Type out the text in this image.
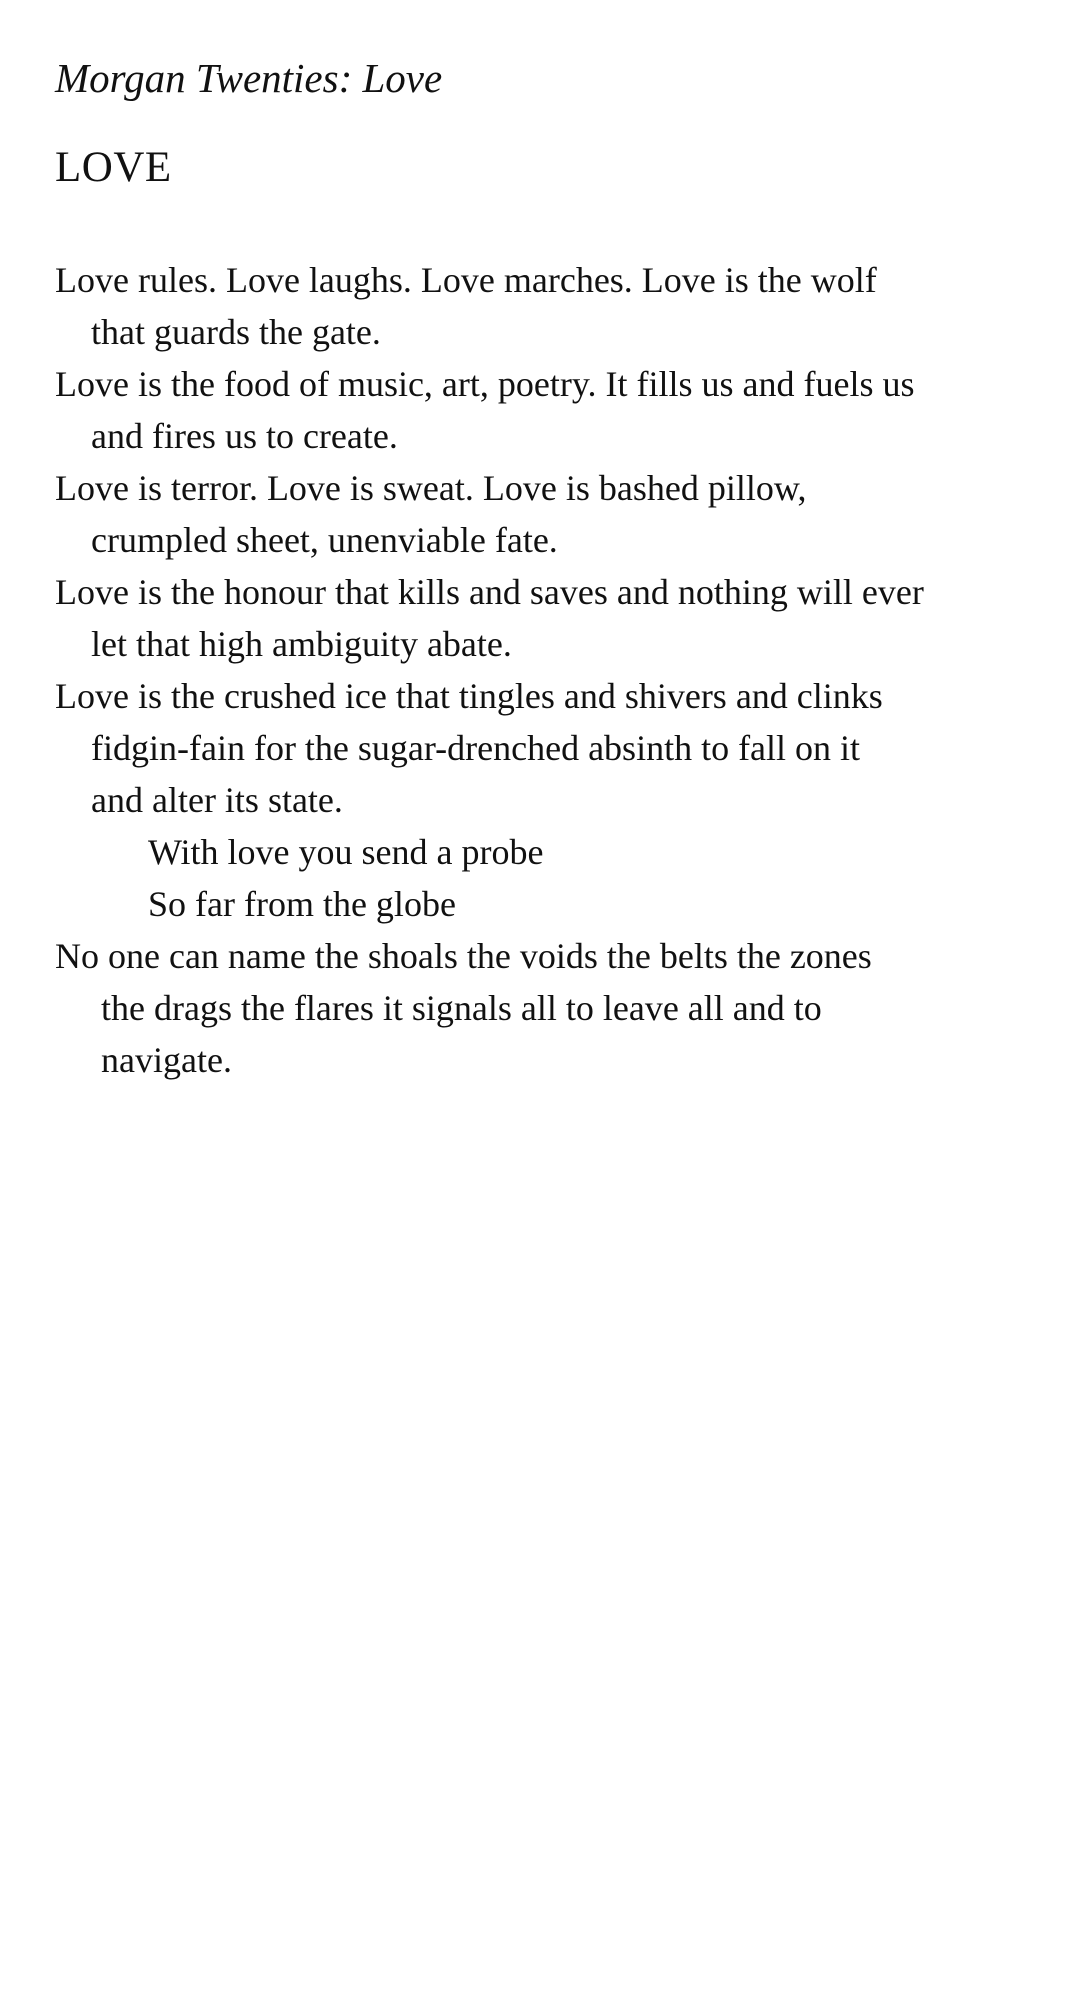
Morgan Twenties: Love
LOVE
Love rules. Love laughs. Love marches. Love is the wolf
that guards the gate.
Love is the food of music, art, poetry. It fills us and fuels us
and fires us to create.
Love is terror. Love is sweat. Love is bashed pillow,
crumpled sheet, unenviable fate.
Love is the honour that kills and saves and nothing will ever
let that high ambiguity abate.
Love is the crushed ice that tingles and shivers and clinks
fidgin-fain for the sugar-drenched absinth to fall on it
and alter its state.
With love you send a probe
So far from the globe
No one can name the shoals the voids the belts the zones
the drags the flares it signals all to leave all and to
navigate.
